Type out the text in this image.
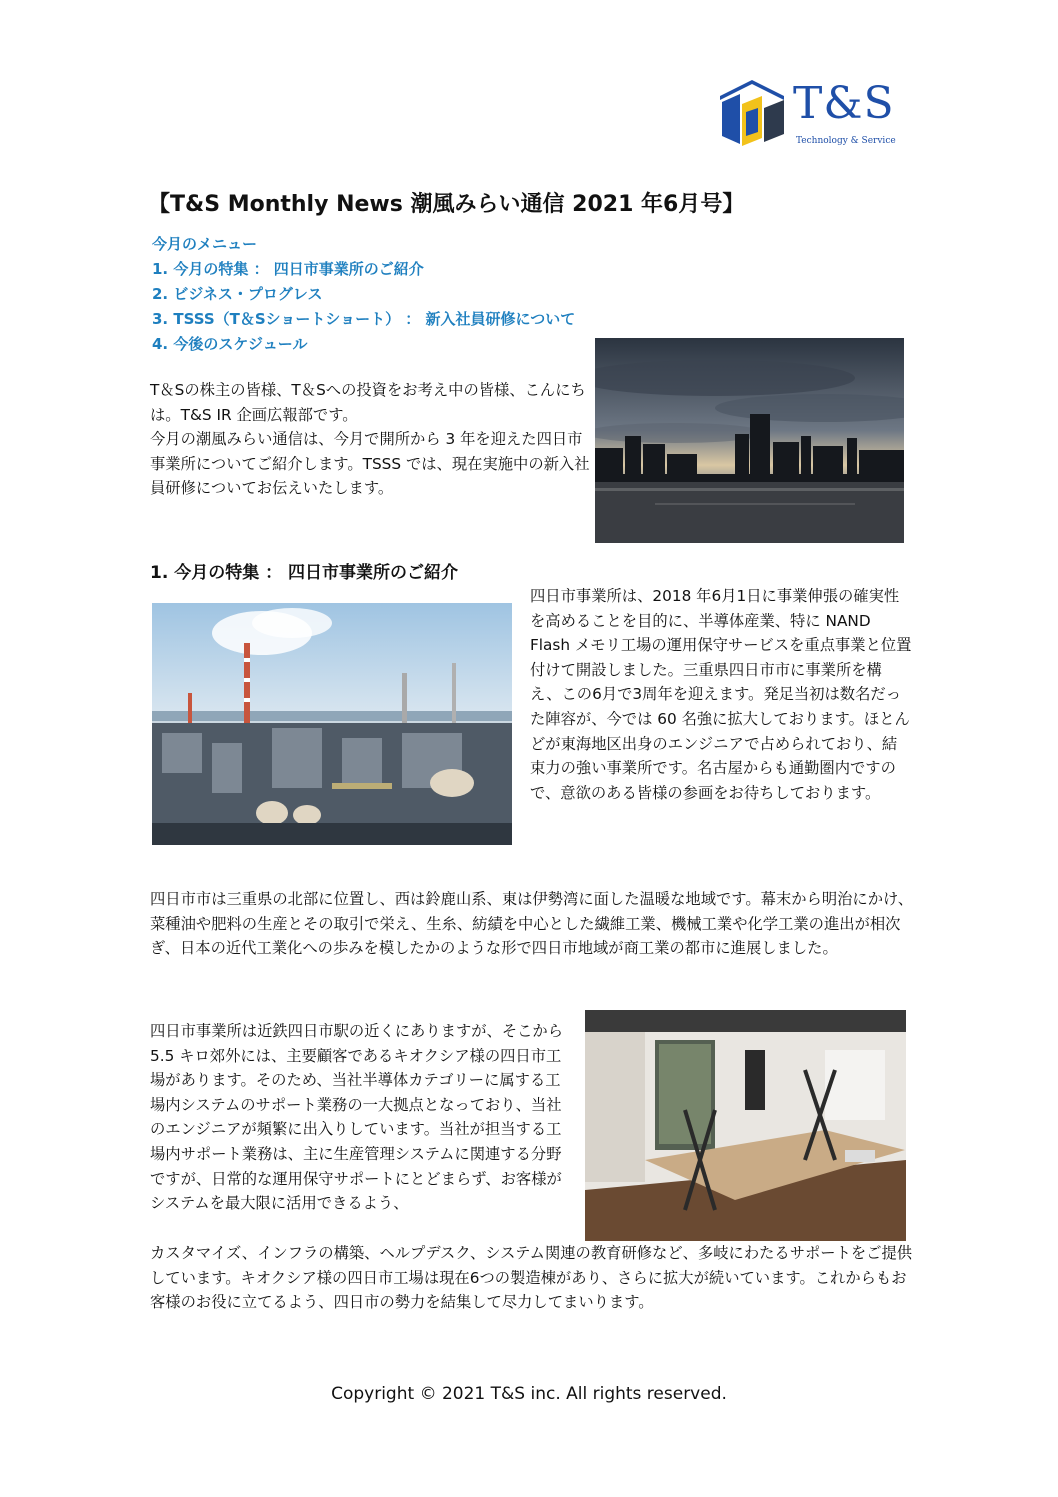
T&S
Technology & Service
【T&S Monthly News 潮風みらい通信 2021 年6月号】
今月のメニュー
1. 今月の特集 ： 四日市事業所のご紹介
2. ビジネス・プログレス
3. TSSS（T＆Sショートショート） ： 新入社員研修について
4. 今後のスケジュール
T＆Sの株主の皆様、T＆Sへの投資をお考え中の皆様、こんにちは。T&S IR 企画広報部です。
今月の潮風みらい通信は、今月で開所から 3 年を迎えた四日市事業所についてご紹介します。TSSS では、現在実施中の新入社員研修についてお伝えいたします。
1. 今月の特集 ： 四日市事業所のご紹介
四日市事業所は、2018 年6月1日に事業伸張の確実性を高めることを目的に、半導体産業、特に NAND Flash メモリ工場の運用保守サービスを重点事業と位置付けて開設しました。三重県四日市市に事業所を構え、この6月で3周年を迎えます。発足当初は数名だった陣容が、今では 60 名強に拡大しております。ほとんどが東海地区出身のエンジニアで占められており、結束力の強い事業所です。名古屋からも通勤圏内ですので、意欲のある皆様の参画をお待ちしております。
四日市市は三重県の北部に位置し、西は鈴鹿山系、東は伊勢湾に面した温暖な地域です。幕末から明治にかけ、菜種油や肥料の生産とその取引で栄え、生糸、紡績を中心とした繊維工業、機械工業や化学工業の進出が相次ぎ、日本の近代工業化への歩みを模したかのような形で四日市地域が商工業の都市に進展しました。
四日市事業所は近鉄四日市駅の近くにありますが、そこから 5.5 キロ郊外には、主要顧客であるキオクシア様の四日市工場があります。そのため、当社半導体カテゴリーに属する工場内システムのサポート業務の一大拠点となっており、当社のエンジニアが頻繁に出入りしています。当社が担当する工場内サポート業務は、主に生産管理システムに関連する分野ですが、日常的な運用保守サポートにとどまらず、お客様がシステムを最大限に活用できるよう、
カスタマイズ、インフラの構築、ヘルプデスク、システム関連の教育研修など、多岐にわたるサポートをご提供しています。キオクシア様の四日市工場は現在6つの製造棟があり、さらに拡大が続いています。これからもお客様のお役に立てるよう、四日市の勢力を結集して尽力してまいります。
Copyright © 2021 T&S inc. All rights reserved.
